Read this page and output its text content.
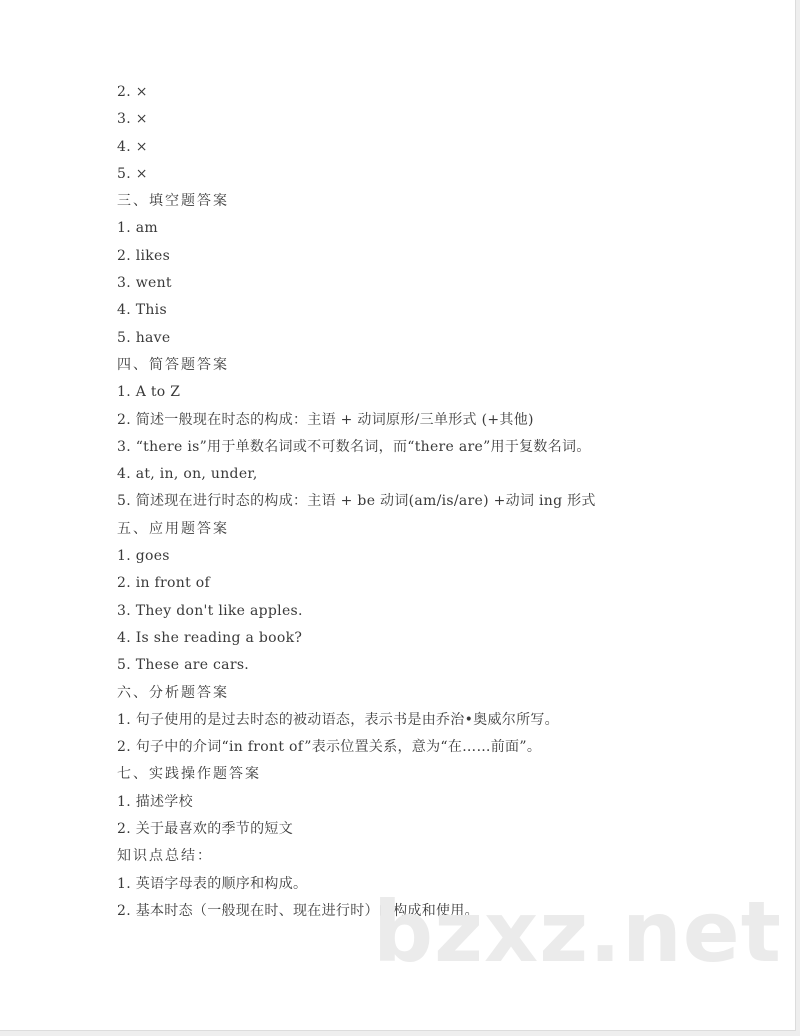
2. ×
3. ×
4. ×
5. ×
三、填空题答案
1. am
2. likes
3. went
4. This
5. have
四、简答题答案
1. A to Z
2. 简述一般现在时态的构成：主语 + 动词原形/三单形式 (+其他)
3. “there is”用于单数名词或不可数名词，而“there are”用于复数名词。
4. at, in, on, under,
5. 简述现在进行时态的构成：主语 + be 动词(am/is/are) +动词 ing 形式
五、应用题答案
1. goes
2. in front of
3. They don't like apples.
4. Is she reading a book?
5. These are cars.
六、分析题答案
1. 句子使用的是过去时态的被动语态，表示书是由乔治•奥威尔所写。
2. 句子中的介词“in front of”表示位置关系，意为“在……前面”。
七、实践操作题答案
1. 描述学校
2. 关于最喜欢的季节的短文
知识点总结：
1. 英语字母表的顺序和构成。
2. 基本时态（一般现在时、现在进行时）的构成和使用。
bzxz.net
